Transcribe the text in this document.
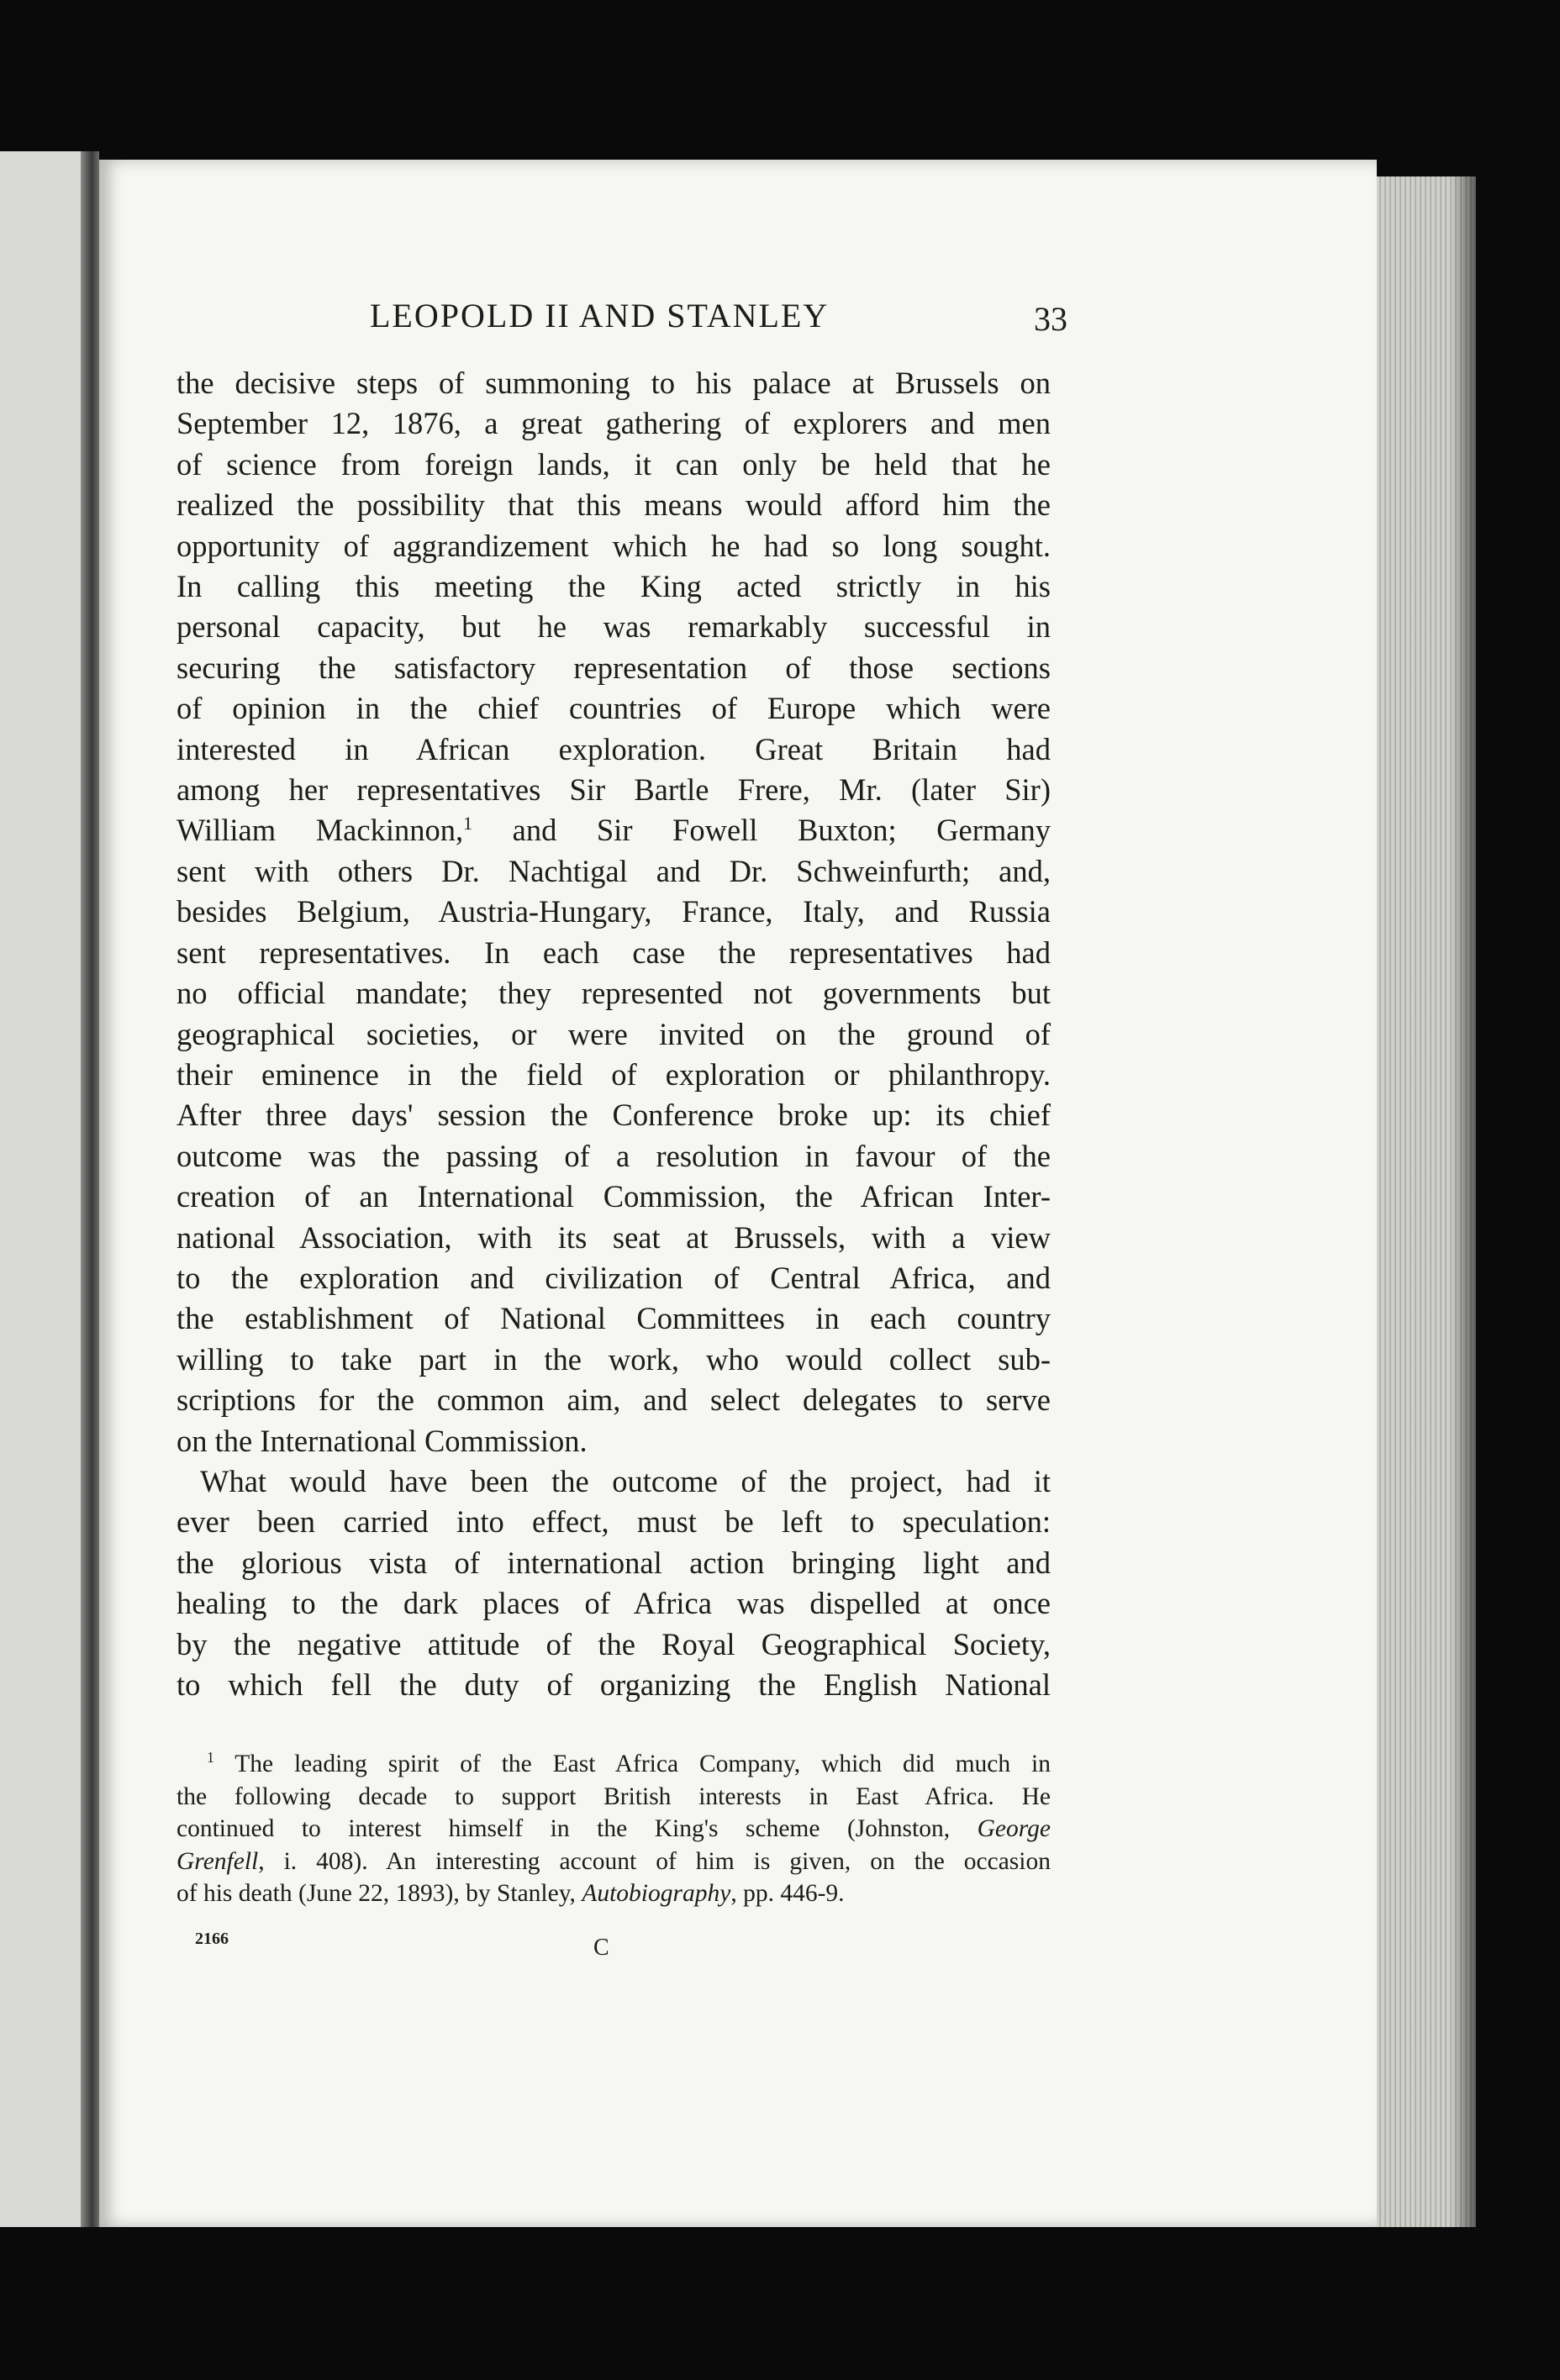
LEOPOLD II AND STANLEY	33
the decisive steps of summoning to his palace at Brussels on
September 12, 1876, a great gathering of explorers and men
of science from foreign lands, it can only be held that he
realized the possibility that this means would afford him the
opportunity of aggrandizement which he had so long sought.
In calling this meeting the King acted strictly in his
personal capacity, but he was remarkably successful in
securing the satisfactory representation of those sections
of opinion in the chief countries of Europe which were
interested in African exploration. Great Britain had
among her representatives Sir Bartle Frere, Mr. (later Sir)
William Mackinnon,$^1$ and Sir Fowell Buxton; Germany
sent with others Dr. Nachtigal and Dr. Schweinfurth; and,
besides Belgium, Austria-Hungary, France, Italy, and Russia
sent representatives. In each case the representatives had
no official mandate; they represented not governments but
geographical societies, or were invited on the ground of
their eminence in the field of exploration or philanthropy.
After three days' session the Conference broke up: its chief
outcome was the passing of a resolution in favour of the
creation of an International Commission, the African Inter-
national Association, with its seat at Brussels, with a view
to the exploration and civilization of Central Africa, and
the establishment of National Committees in each country
willing to take part in the work, who would collect sub-
scriptions for the common aim, and select delegates to serve
on the International Commission.
What would have been the outcome of the project, had it
ever been carried into effect, must be left to speculation:
the glorious vista of international action bringing light and
healing to the dark places of Africa was dispelled at once
by the negative attitude of the Royal Geographical Society,
to which fell the duty of organizing the English National
$^1$ The leading spirit of the East Africa Company, which did much in
the following decade to support British interests in East Africa. He
continued to interest himself in the King's scheme (Johnston, George
Grenfell, i. 408). An interesting account of him is given, on the occasion
of his death (June 22, 1893), by Stanley, Autobiography, pp. 446-9.
2166	C
